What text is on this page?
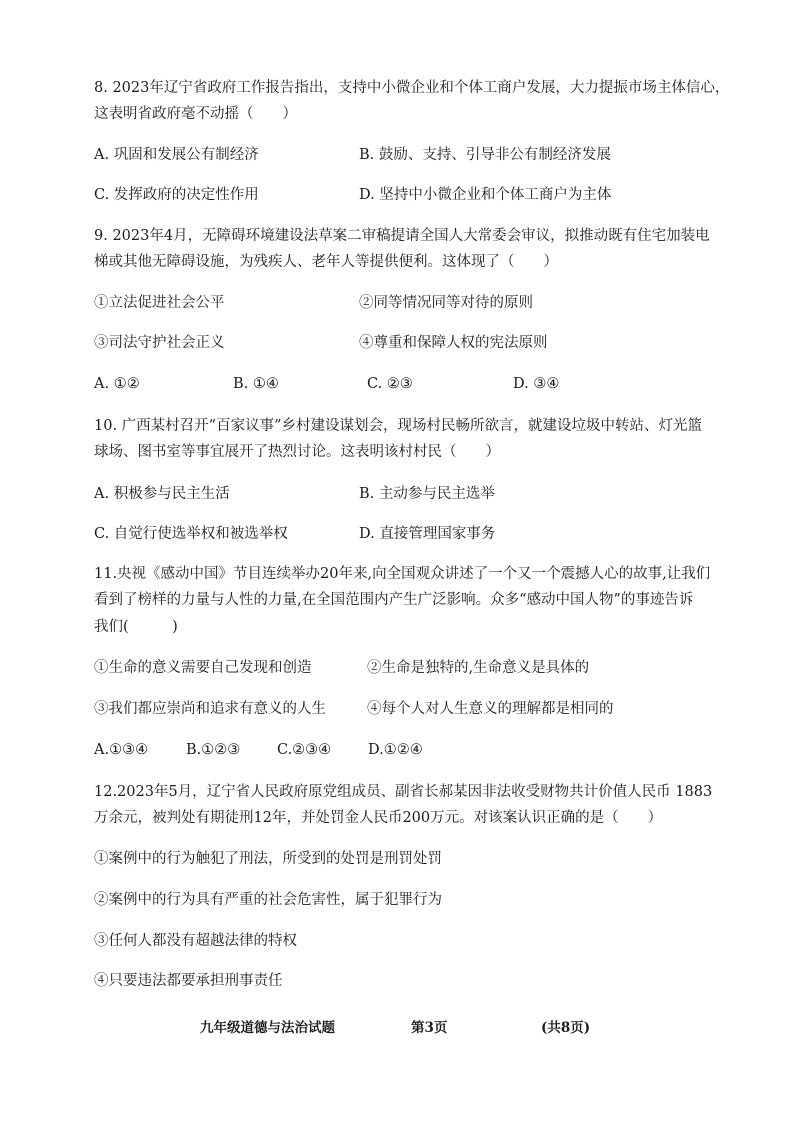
8. 2023年辽宁省政府工作报告指出，支持中小微企业和个体工商户发展，大力提振市场主体信心，
这表明省政府毫不动摇（　　）
A. 巩固和发展公有制经济	B. 鼓励、支持、引导非公有制经济发展
C. 发挥政府的决定性作用	D. 坚持中小微企业和个体工商户为主体
9. 2023年4月，无障碍环境建设法草案二审稿提请全国人大常委会审议，拟推动既有住宅加装电
梯或其他无障碍设施，为残疾人、老年人等提供便利。这体现了（　　）
①立法促进社会公平	②同等情况同等对待的原则
③司法守护社会正义	④尊重和保障人权的宪法原则
A. ①②	B. ①④	C. ②③	D. ③④
10. 广西某村召开“百家议事”乡村建设谋划会，现场村民畅所欲言，就建设垃圾中转站、灯光篮
球场、图书室等事宜展开了热烈讨论。这表明该村村民（　　）
A. 积极参与民主生活	B. 主动参与民主选举
C. 自觉行使选举权和被选举权	D. 直接管理国家事务
11.央视《感动中国》节目连续举办20年来,向全国观众讲述了一个又一个震撼人心的故事,让我们
看到了榜样的力量与人性的力量,在全国范围内产生广泛影响。众多“感动中国人物”的事迹告诉
我们(　　　)
①生命的意义需要自己发现和创造	②生命是独特的,生命意义是具体的
③我们都应崇尚和追求有意义的人生	④每个人对人生意义的理解都是相同的
A.①③④	B.①②③	C.②③④	D.①②④
12.2023年5月，辽宁省人民政府原党组成员、副省长郝某因非法收受财物共计价值人民币 1883
万余元，被判处有期徒刑12年，并处罚金人民币200万元。对该案认识正确的是（　　）
①案例中的行为触犯了刑法，所受到的处罚是刑罚处罚
②案例中的行为具有严重的社会危害性，属于犯罪行为
③任何人都没有超越法律的特权
④只要违法都要承担刑事责任
九年级道德与法治试题	第3页	(共8页)
